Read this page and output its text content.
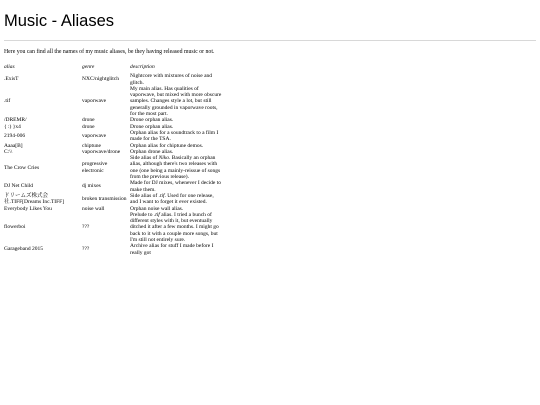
Music - Aliases

Here you can find all the names of my music aliases, be they having released music or not.

alias	genre	description
.ExisT	NXC/nightglitch	Nightcore with mixtures of noise and glitch.
.tif	vaporwave	My main alias. Has qualities of vaporwave, but mixed with more obscure samples. Changes style a lot, but still generally grounded in vaporwave roots, for the most part.
/DREMR/	drone	Drone orphan alias.
{ :) }x4	drone	Drone orphan alias.
2194-006	vaporwave	Orphan alias for a soundtrack to a film I made for the TSA.
Aaaa[B]	chiptune	Orphan alias for chiptune demos.
C:\\	vaporwave/drone	Orphan drone alias.
The Crow Cries	progressive electronic	Side alias of Niko. Basically an orphan alias, although there's two releases with one (one being a mainly-reissue of songs from the previous release).

DJ Net Child	dj mixes	Made for DJ mixes, whenever I decide to make them.
ドリームズ株式会社.TIFF[Dreams Inc.TIFF]	broken transmission	Side alias of .tif. Used for one release, and I want to forget it ever existed.

Everybody Likes You	noise wall	Orphan noise wall alias.
flowerboi	???	Prelude to .tif alias. I tried a bunch of different styles with it, but eventually ditched it after a few months. I might go back to it with a couple more songs, but I'm still not entirely sure.

Garageband 2015	???	Archive alias for stuff I made before I really got
